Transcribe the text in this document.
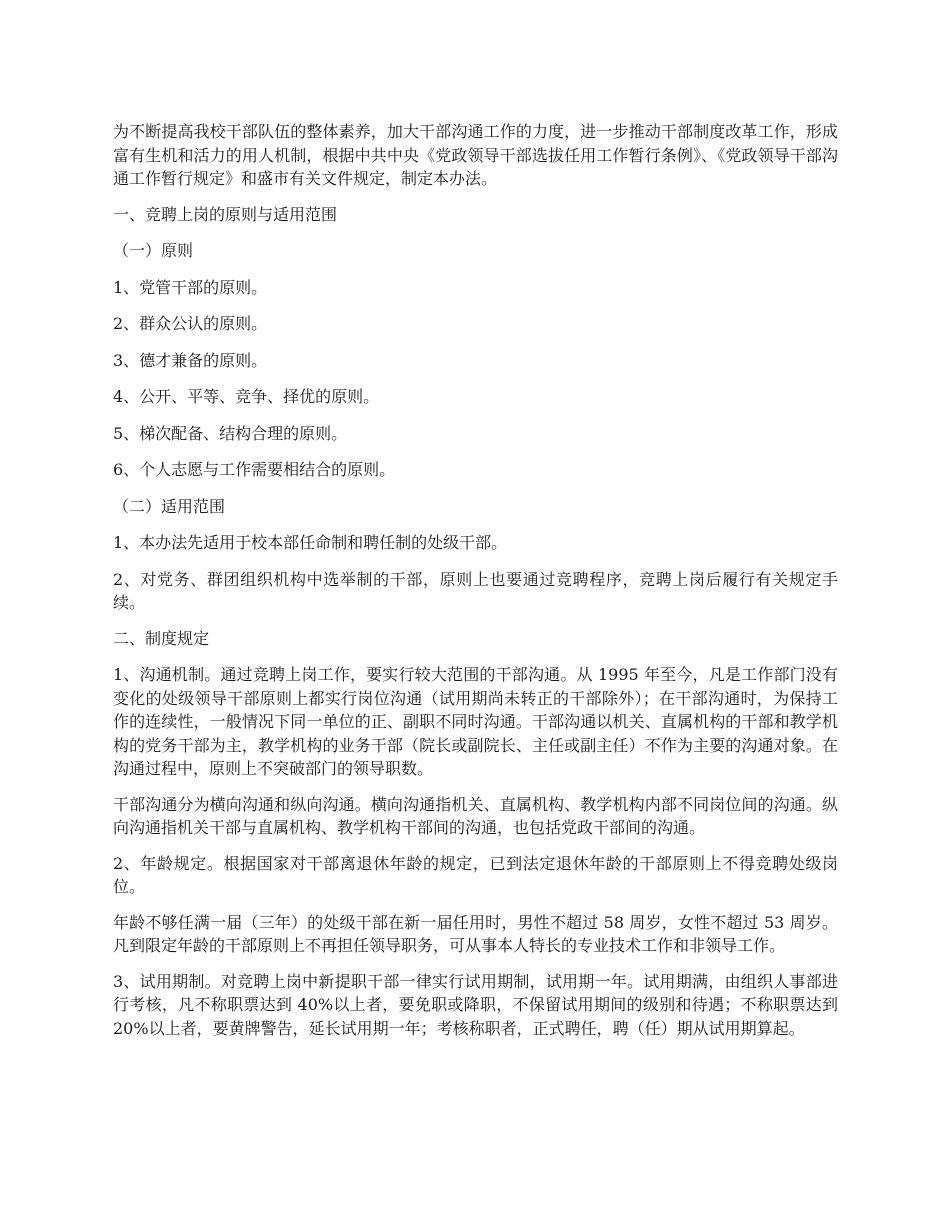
为不断提高我校干部队伍的整体素养，加大干部沟通工作的力度，进一步推动干部制度改革工作，形成富有生机和活力的用人机制，根据中共中央《党政领导干部选拔任用工作暂行条例》、《党政领导干部沟通工作暂行规定》和盛市有关文件规定，制定本办法。

一、竞聘上岗的原则与适用范围

（一）原则

1、党管干部的原则。

2、群众公认的原则。

3、德才兼备的原则。

4、公开、平等、竞争、择优的原则。

5、梯次配备、结构合理的原则。

6、个人志愿与工作需要相结合的原则。

（二）适用范围

1、本办法先适用于校本部任命制和聘任制的处级干部。

2、对党务、群团组织机构中选举制的干部，原则上也要通过竞聘程序，竞聘上岗后履行有关规定手续。

二、制度规定

1、沟通机制。通过竞聘上岗工作，要实行较大范围的干部沟通。从 1995 年至今，凡是工作部门没有变化的处级领导干部原则上都实行岗位沟通（试用期尚未转正的干部除外）；在干部沟通时，为保持工作的连续性，一般情况下同一单位的正、副职不同时沟通。干部沟通以机关、直属机构的干部和教学机构的党务干部为主，教学机构的业务干部（院长或副院长、主任或副主任）不作为主要的沟通对象。在沟通过程中，原则上不突破部门的领导职数。

干部沟通分为横向沟通和纵向沟通。横向沟通指机关、直属机构、教学机构内部不同岗位间的沟通。纵向沟通指机关干部与直属机构、教学机构干部间的沟通，也包括党政干部间的沟通。

2、年龄规定。根据国家对干部离退休年龄的规定，已到法定退休年龄的干部原则上不得竞聘处级岗位。

年龄不够任满一届（三年）的处级干部在新一届任用时，男性不超过 58 周岁，女性不超过 53 周岁。凡到限定年龄的干部原则上不再担任领导职务，可从事本人特长的专业技术工作和非领导工作。

3、试用期制。对竞聘上岗中新提职干部一律实行试用期制，试用期一年。试用期满，由组织人事部进行考核，凡不称职票达到 40%以上者，要免职或降职，不保留试用期间的级别和待遇；不称职票达到 20%以上者，要黄牌警告，延长试用期一年；考核称职者，正式聘任，聘（任）期从试用期算起。
